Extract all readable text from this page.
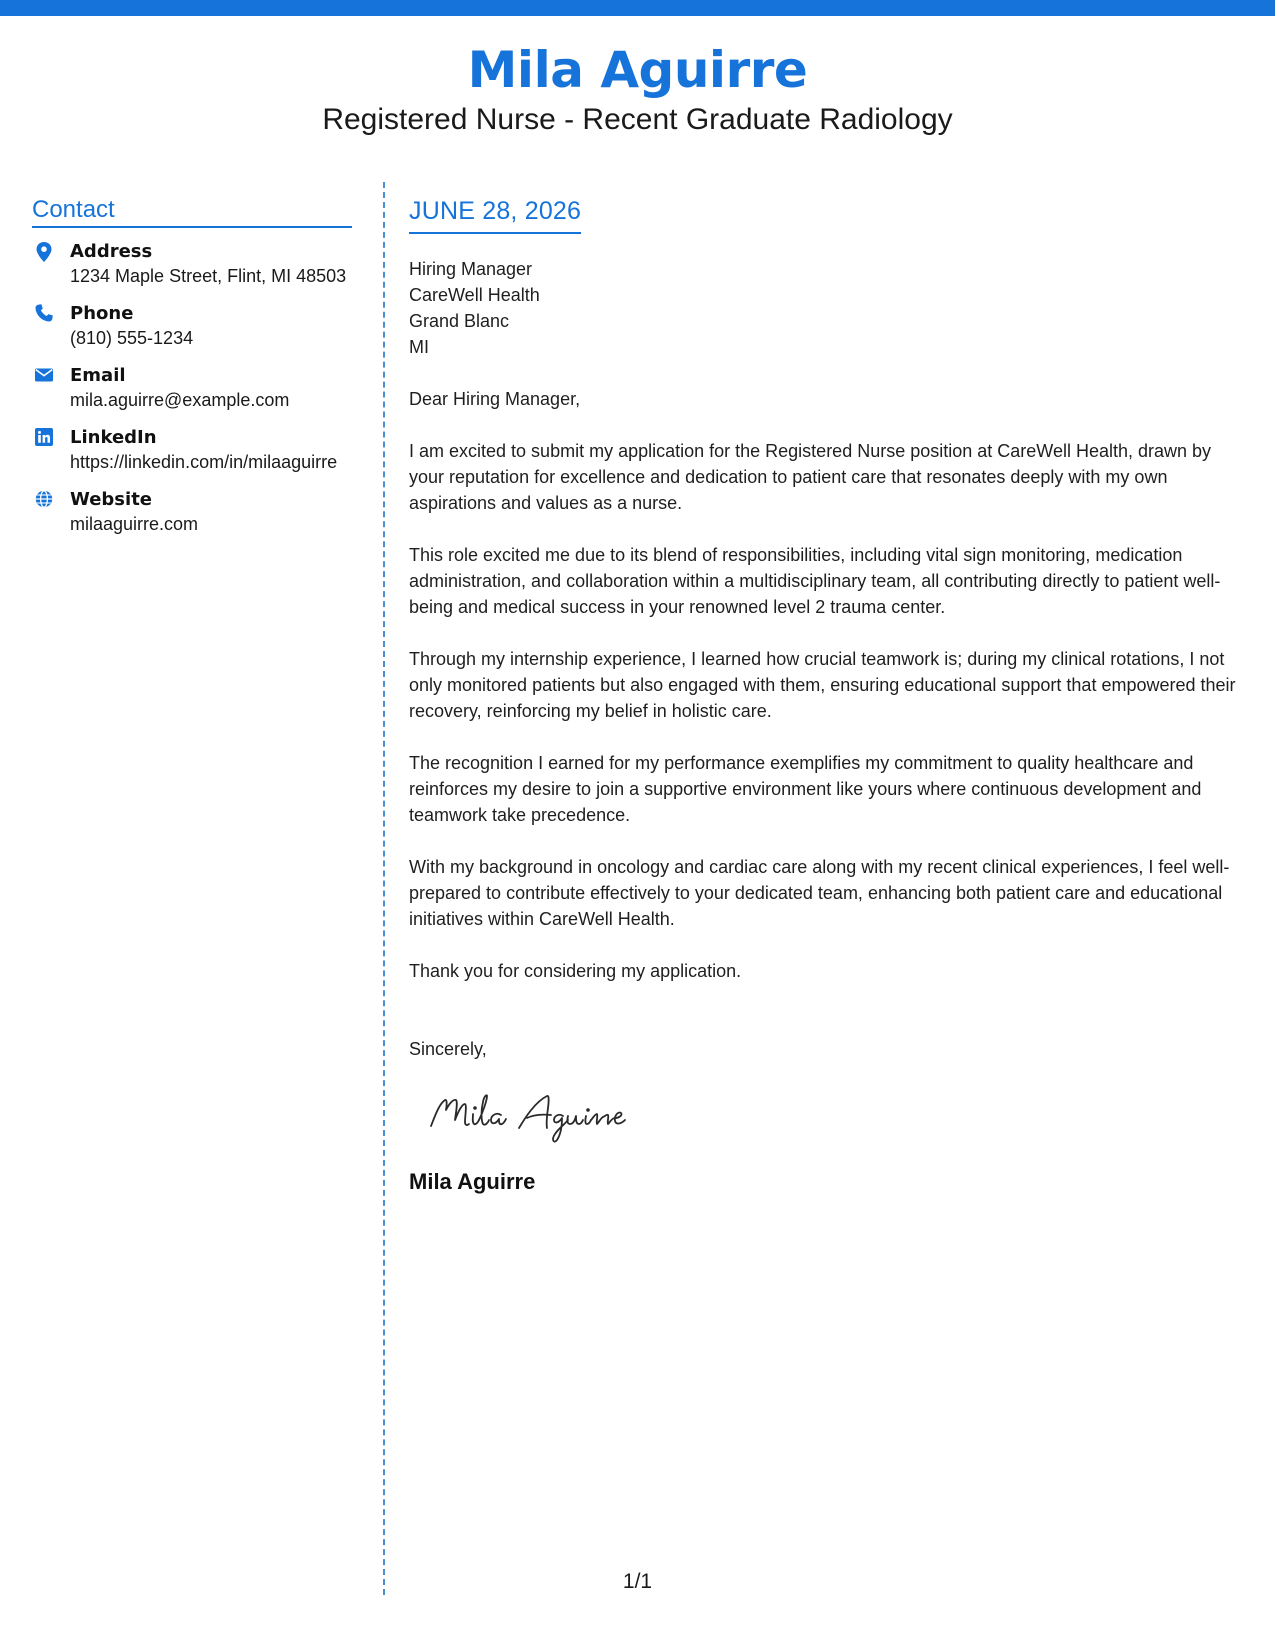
Mila Aguirre
Registered Nurse - Recent Graduate Radiology
Contact
Address
1234 Maple Street, Flint, MI 48503
Phone
(810) 555-1234
Email
mila.aguirre@example.com
LinkedIn
https://linkedin.com/in/milaaguirre
Website
milaaguirre.com
JUNE 28, 2026
Hiring Manager
CareWell Health
Grand Blanc
MI
Dear Hiring Manager,
I am excited to submit my application for the Registered Nurse position at CareWell Health, drawn by your reputation for excellence and dedication to patient care that resonates deeply with my own aspirations and values as a nurse.
This role excited me due to its blend of responsibilities, including vital sign monitoring, medication administration, and collaboration within a multidisciplinary team, all contributing directly to patient well-being and medical success in your renowned level 2 trauma center.
Through my internship experience, I learned how crucial teamwork is; during my clinical rotations, I not only monitored patients but also engaged with them, ensuring educational support that empowered their recovery, reinforcing my belief in holistic care.
The recognition I earned for my performance exemplifies my commitment to quality healthcare and reinforces my desire to join a supportive environment like yours where continuous development and teamwork take precedence.
With my background in oncology and cardiac care along with my recent clinical experiences, I feel well-prepared to contribute effectively to your dedicated team, enhancing both patient care and educational initiatives within CareWell Health.
Thank you for considering my application.
Sincerely,
Mila Aguirre
1/1
